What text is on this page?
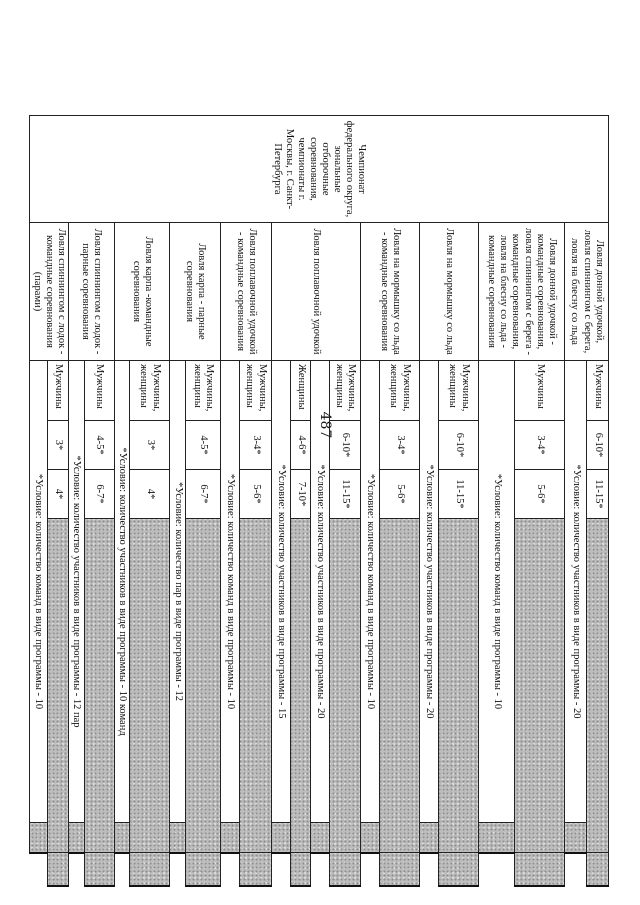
487
Чемпионат федерального округа, зональные отборочные соревнования, чемпионаты г. Москвы, г. Санкт-Петербурга	Ловля донной удочкой, ловля спиннингом с берега, ловля на блесну со льда	Мужчины	6-10*	11-15*			
		*Условие: количество участников в виде программы - 20					
	Ловля донной удочкой - командные соревнования, ловля спиннингом с берега - командные соревнования, ловля на блесну со льда - командные соревнования	Мужчины	3-4*	5-6*			
		*Условие: количество команд в виде программы - 10					
	Ловля на мормышку со льда	Мужчины, женщины	6-10*	11-15*			
		*Условие: количество участников в виде программы - 20					
	Ловля на мормышку со льда - командные соревнования	Мужчины, женщины	3-4*	5-6*			
		*Условие: количество команд в виде программы - 10					
	Ловля поплавочной удочкой	Мужчины, женщины	6-10*	11-15*			
		*Условие: количество участников в виде программы - 20					
		Женщины	4-6*	7-10*			
		*Условие: количество участников в виде программы - 15					
	Ловля поплавочной удочкой - командные соревнования	Мужчины, женщины	3-4*	5-6*			
		*Условие: количество команд в виде программы - 10					
	Ловля карпа - парные соревнования	Мужчины, женщины	4-5*	6-7*			
		*Условие: количество пар в виде программы - 12					
	Ловля карпа -командные соревнования	Мужчины, женщины	3*	4*			
		*Условие: количество участников в виде программы - 10 команд					
	Ловля спиннингом с лодок - парные соревнования	Мужчины	4-5*	6-7*			
		*Условие: количество участников в виде программы - 12 пар					
	Ловля спиннингом с лодок - командные соревнования (парами)	Мужчины	3*	4*			
		*Условие: количество команд в виде программы - 10					
